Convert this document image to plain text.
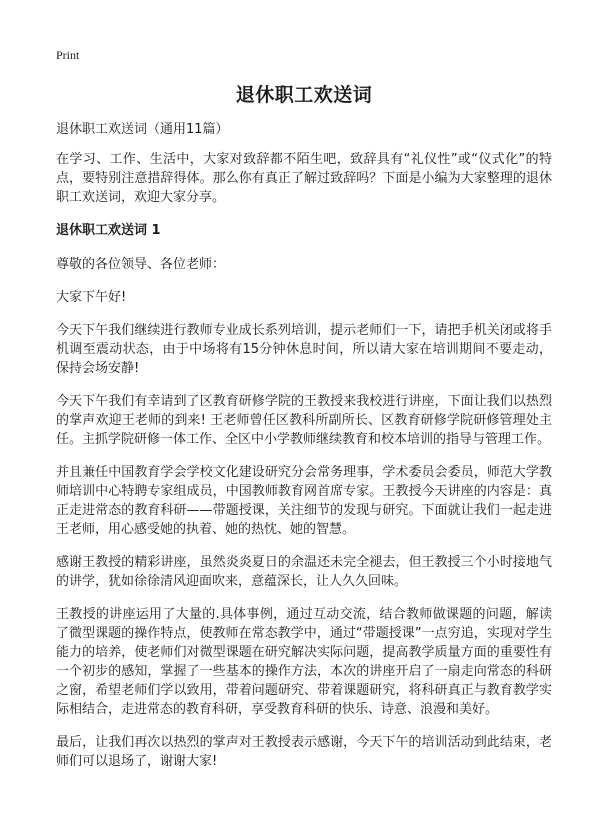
Print
退休职工欢送词

退休职工欢送词（通用11篇）

在学习、工作、生活中，大家对致辞都不陌生吧，致辞具有“礼仪性”或“仪式化”的特点，要特别注意措辞得体。那么你有真正了解过致辞吗？下面是小编为大家整理的退休职工欢送词，欢迎大家分享。

退休职工欢送词 1

尊敬的各位领导、各位老师：

大家下午好!

今天下午我们继续进行教师专业成长系列培训，提示老师们一下，请把手机关闭或将手机调至震动状态，由于中场将有15分钟休息时间，所以请大家在培训期间不要走动，保持会场安静!

今天下午我们有幸请到了区教育研修学院的王教授来我校进行讲座，下面让我们以热烈的掌声欢迎王老师的到来! 王老师曾任区教科所副所长、区教育研修学院研修管理处主任。主抓学院研修一体工作、全区中小学教师继续教育和校本培训的指导与管理工作。

并且兼任中国教育学会学校文化建设研究分会常务理事，学术委员会委员，师范大学教师培训中心特聘专家组成员，中国教师教育网首席专家。王教授今天讲座的内容是：真正走进常态的教育科研——带题授课，关注细节的发现与研究。下面就让我们一起走进王老师，用心感受她的执着、她的热忱、她的智慧。

感谢王教授的精彩讲座，虽然炎炎夏日的余温还未完全褪去，但王教授三个小时接地气的讲学，犹如徐徐清风迎面吹来，意蕴深长，让人久久回味。

王教授的讲座运用了大量的.具体事例，通过互动交流，结合教师做课题的问题，解读了微型课题的操作特点，使教师在常态教学中，通过“带题授课”一点穷追，实现对学生能力的培养，使老师们对微型课题在研究解决实际问题，提高教学质量方面的重要性有一个初步的感知，掌握了一些基本的操作方法，本次的讲座开启了一扇走向常态的科研之窗，希望老师们学以致用，带着问题研究、带着课题研究，将科研真正与教育教学实际相结合，走进常态的教育科研，享受教育科研的快乐、诗意、浪漫和美好。

最后，让我们再次以热烈的掌声对王教授表示感谢，今天下午的培训活动到此结束，老师们可以退场了，谢谢大家!
